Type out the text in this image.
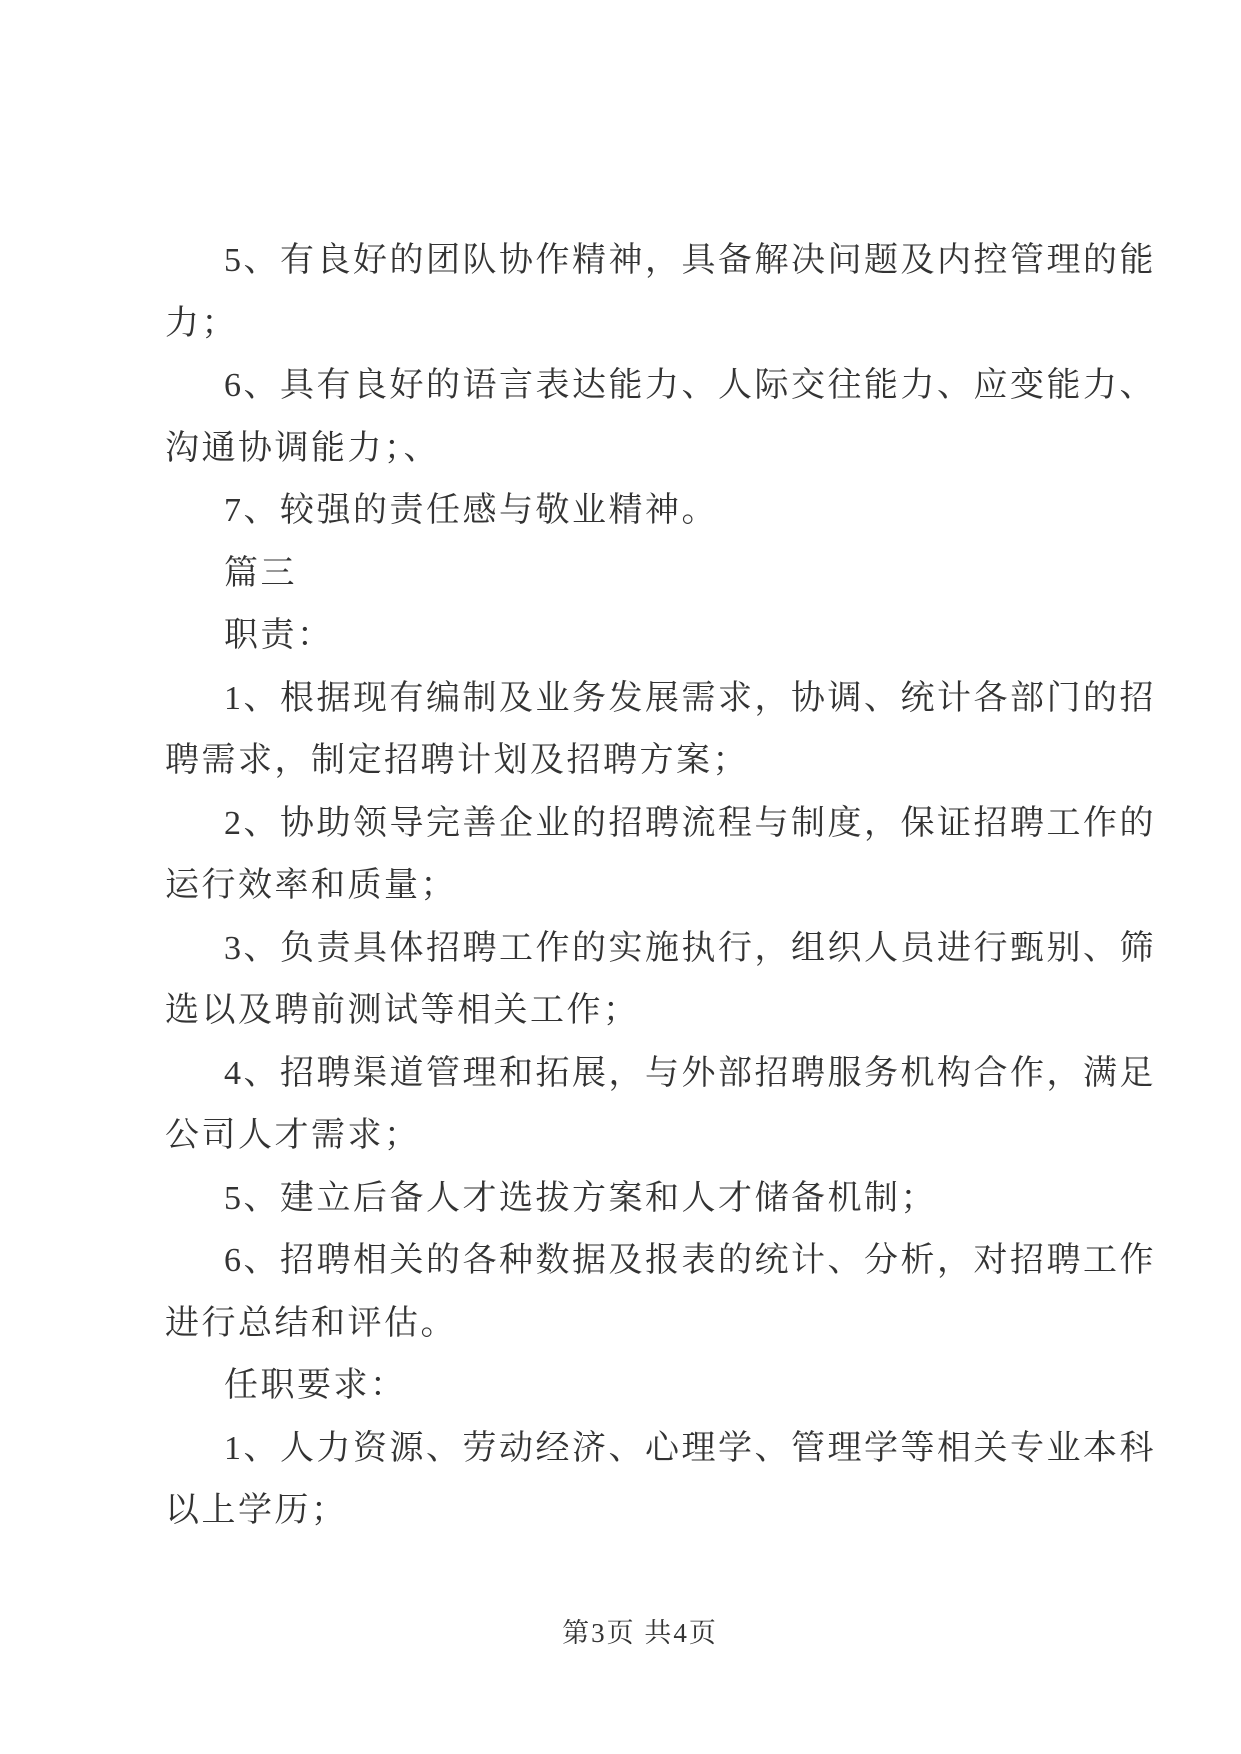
5、有良好的团队协作精神，具备解决问题及内控管理的能
力；
6、具有良好的语言表达能力、人际交往能力、应变能力、
沟通协调能力；、
7、较强的责任感与敬业精神。
篇三
职责：
1、根据现有编制及业务发展需求，协调、统计各部门的招
聘需求，制定招聘计划及招聘方案；
2、协助领导完善企业的招聘流程与制度，保证招聘工作的
运行效率和质量；
3、负责具体招聘工作的实施执行，组织人员进行甄别、筛
选以及聘前测试等相关工作；
4、招聘渠道管理和拓展，与外部招聘服务机构合作，满足
公司人才需求；
5、建立后备人才选拔方案和人才储备机制；
6、招聘相关的各种数据及报表的统计、分析，对招聘工作
进行总结和评估。
任职要求：
1、人力资源、劳动经济、心理学、管理学等相关专业本科
以上学历；
第3页 共4页
